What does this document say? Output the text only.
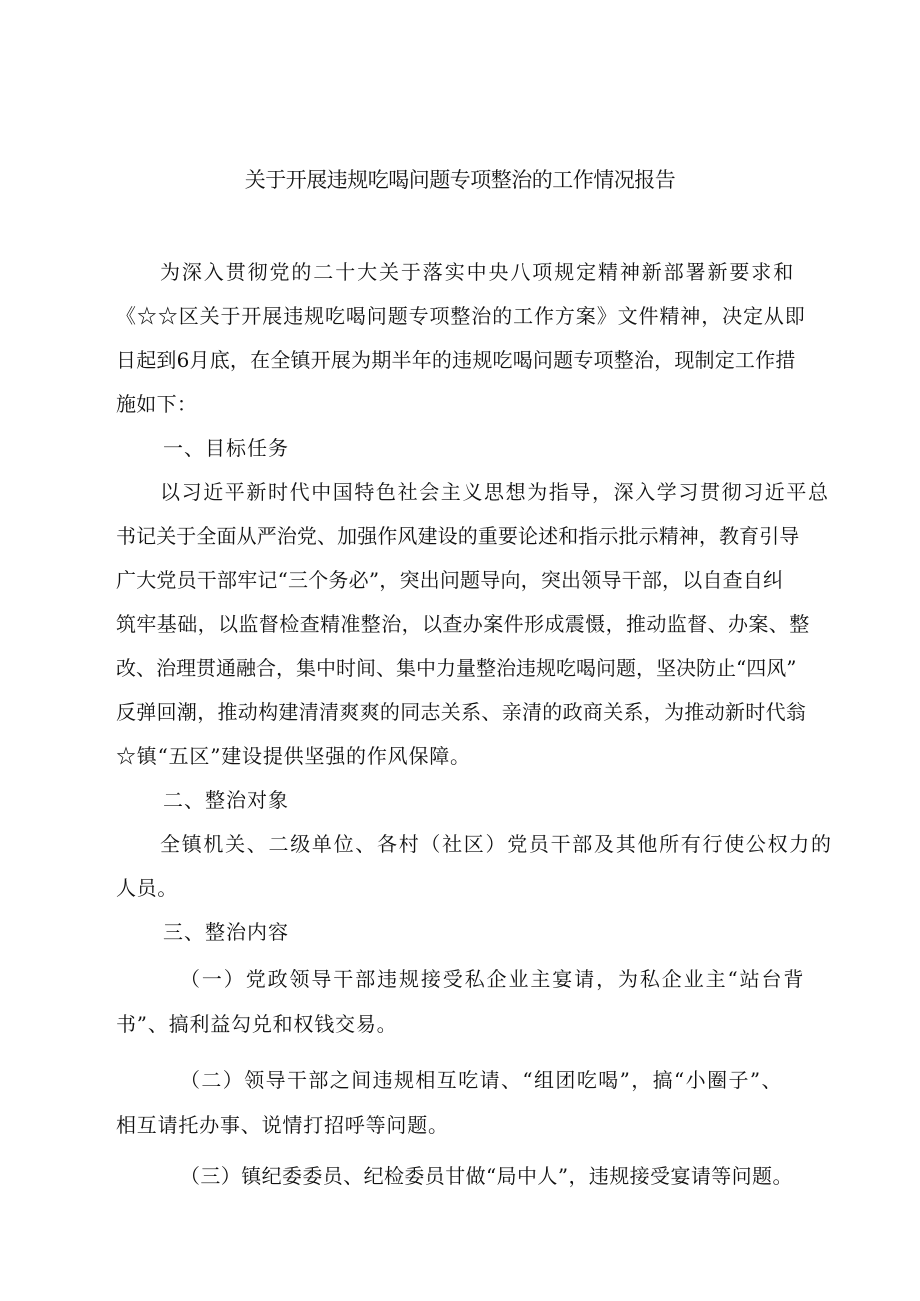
关于开展违规吃喝问题专项整治的工作情况报告
为深入贯彻党的二十大关于落实中央八项规定精神新部署新要求和
《☆☆区关于开展违规吃喝问题专项整治的工作方案》文件精神，决定从即
日起到6月底，在全镇开展为期半年的违规吃喝问题专项整治，现制定工作措
施如下：
一、目标任务
以习近平新时代中国特色社会主义思想为指导，深入学习贯彻习近平总
书记关于全面从严治党、加强作风建设的重要论述和指示批示精神，教育引导
广大党员干部牢记“三个务必”，突出问题导向，突出领导干部，以自查自纠
筑牢基础，以监督检查精准整治，以查办案件形成震慑，推动监督、办案、整
改、治理贯通融合，集中时间、集中力量整治违规吃喝问题，坚决防止“四风”
反弹回潮，推动构建清清爽爽的同志关系、亲清的政商关系，为推动新时代翁
☆镇“五区”建设提供坚强的作风保障。
二、整治对象
全镇机关、二级单位、各村（社区）党员干部及其他所有行使公权力的
人员。
三、整治内容
（一）党政领导干部违规接受私企业主宴请，为私企业主“站台背
书”、搞利益勾兑和权钱交易。
（二）领导干部之间违规相互吃请、“组团吃喝”，搞“小圈子”、
相互请托办事、说情打招呼等问题。
（三）镇纪委委员、纪检委员甘做“局中人”，违规接受宴请等问题。
